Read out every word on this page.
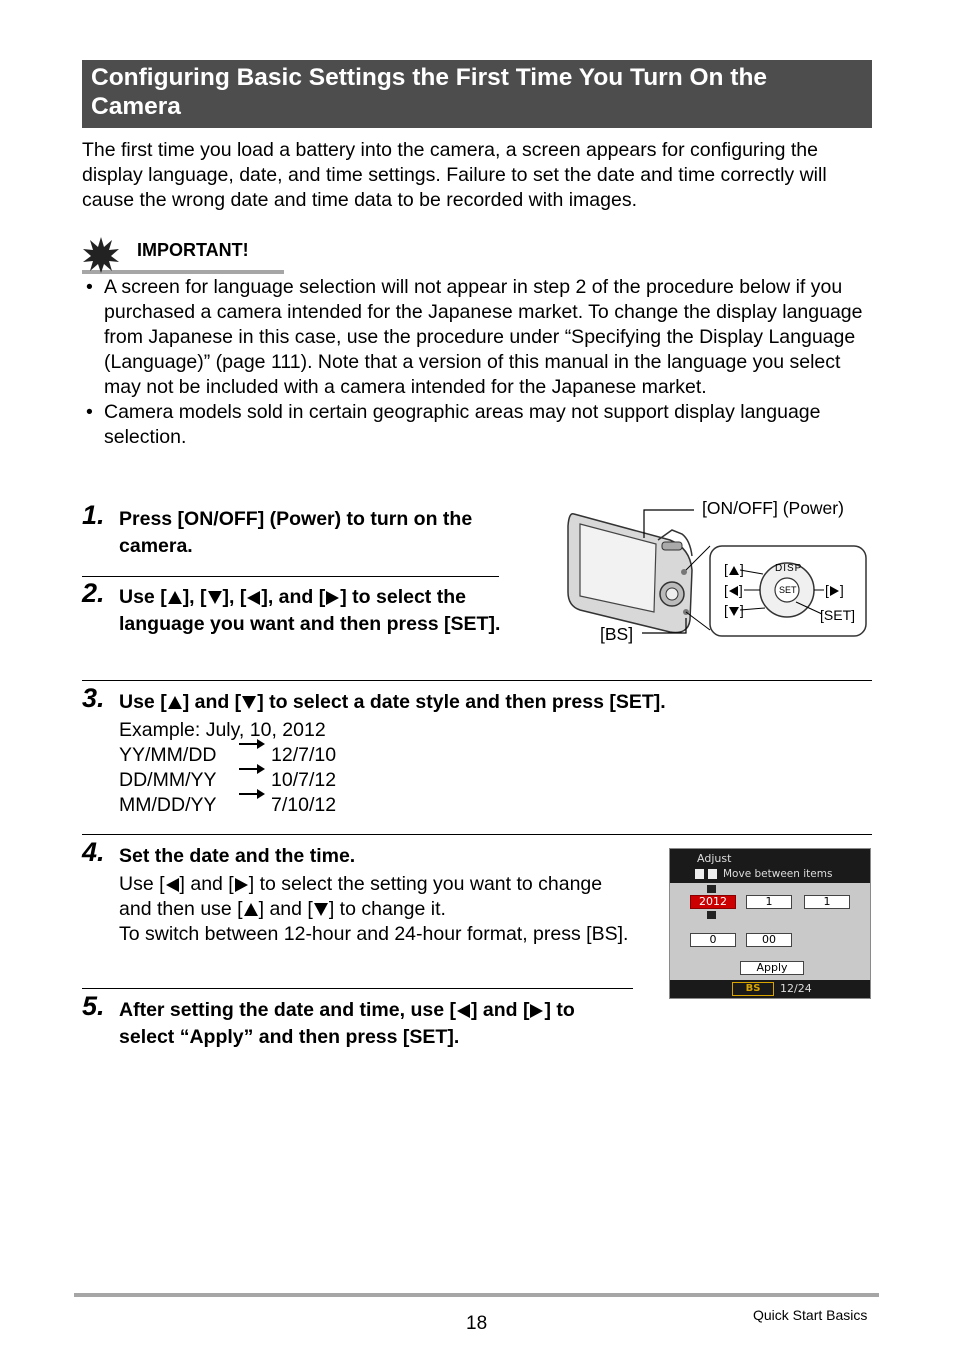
Configuring Basic Settings the First Time You Turn On the Camera
The first time you load a battery into the camera, a screen appears for configuring the display language, date, and time settings. Failure to set the date and time correctly will cause the wrong date and time data to be recorded with images.
IMPORTANT!
• A screen for language selection will not appear in step 2 of the procedure below if you purchased a camera intended for the Japanese market. To change the display language from Japanese in this case, use the procedure under “Specifying the Display Language (Language)” (page 111). Note that a version of this manual in the language you select may not be included with a camera intended for the Japanese market.
• Camera models sold in certain geographic areas may not support display language selection.
1. Press [ON/OFF] (Power) to turn on the camera.
2. Use [ ], [ ], [ ], and [ ] to select the language you want and then press [SET].
[ON/OFF] (Power)
[BS]
[SET]
DISP
SET
[ ]
[ ]
[ ]
[ ]
3. Use [ ] and [ ] to select a date style and then press [SET].
Example: July, 10, 2012
YY/MM/DD	12/7/10
DD/MM/YY	10/7/12
MM/DD/YY	7/10/12
4. Set the date and the time.
Use [ ] and [ ] to select the setting you want to change and then use [ ] and [ ] to change it.
To switch between 12-hour and 24-hour format, press [BS].
Adjust
Move between items
2012	1	1
0	00
Apply
BS	12/24
5. After setting the date and time, use [ ] and [ ] to select “Apply” and then press [SET].
18	Quick Start Basics
